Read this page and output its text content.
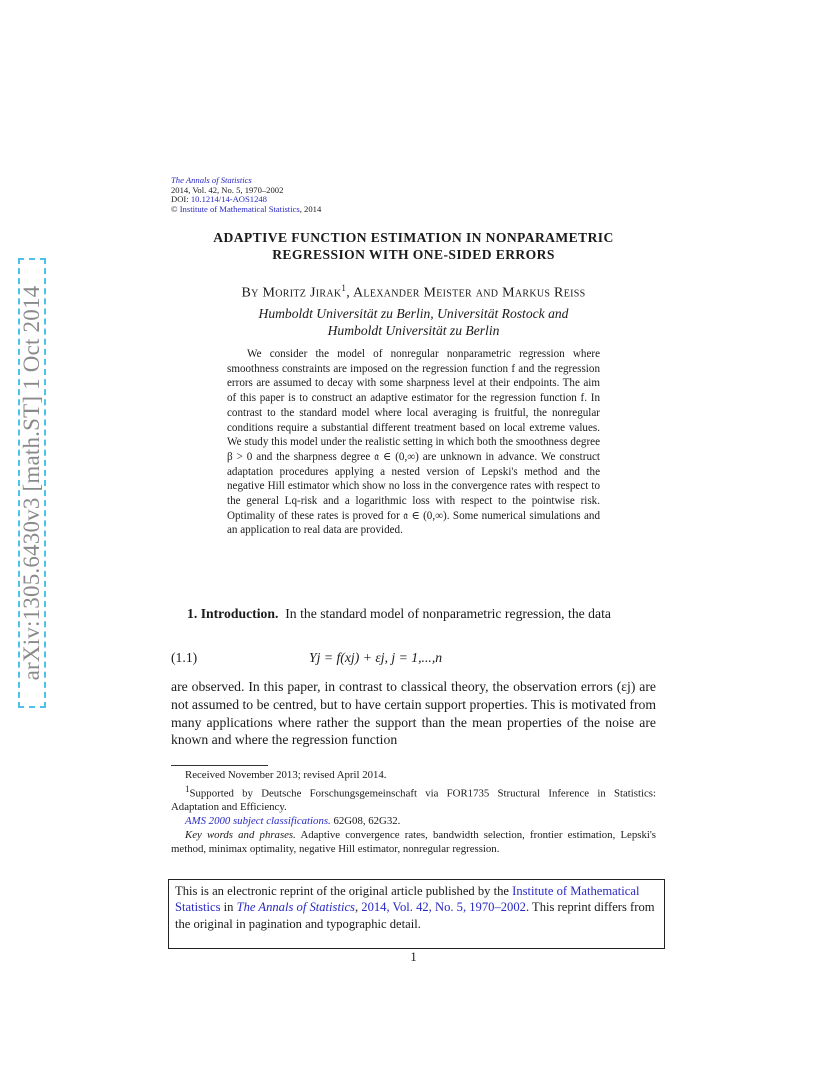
arXiv:1305.6430v3 [math.ST] 1 Oct 2014
The Annals of Statistics
2014, Vol. 42, No. 5, 1970–2002
DOI: 10.1214/14-AOS1248
© Institute of Mathematical Statistics, 2014
ADAPTIVE FUNCTION ESTIMATION IN NONPARAMETRIC
REGRESSION WITH ONE-SIDED ERRORS
By Moritz Jirak$^1$, Alexander Meister and Markus Reiss
Humboldt Universität zu Berlin, Universität Rostock and
Humboldt Universität zu Berlin
We consider the model of nonregular nonparametric regression where smoothness constraints are imposed on the regression function f and the regression errors are assumed to decay with some sharpness level at their endpoints. The aim of this paper is to construct an adaptive estimator for the regression function f. In contrast to the standard model where local averaging is fruitful, the nonregular conditions require a substantial different treatment based on local extreme values. We study this model under the realistic setting in which both the smoothness degree β > 0 and the sharpness degree 𝔞 ∈ (0,∞) are unknown in advance. We construct adaptation procedures applying a nested version of Lepski's method and the negative Hill estimator which show no loss in the convergence rates with respect to the general Lq-risk and a logarithmic loss with respect to the pointwise risk. Optimality of these rates is proved for 𝔞 ∈ (0,∞). Some numerical simulations and an application to real data are provided.
1. Introduction. In the standard model of nonparametric regression, the data
(1.1)	Yj = f(xj) + εj, j = 1,...,n
are observed. In this paper, in contrast to classical theory, the observation errors (εj) are not assumed to be centred, but to have certain support properties. This is motivated from many applications where rather the support than the mean properties of the noise are known and where the regression function

Received November 2013; revised April 2014.

$^1$Supported by Deutsche Forschungsgemeinschaft via FOR1735 Structural Inference in Statistics: Adaptation and Efficiency.

AMS 2000 subject classifications. 62G08, 62G32.

Key words and phrases. Adaptive convergence rates, bandwidth selection, frontier estimation, Lepski's method, minimax optimality, negative Hill estimator, nonregular regression.

This is an electronic reprint of the original article published by the Institute of Mathematical Statistics in The Annals of Statistics, 2014, Vol. 42, No. 5, 1970–2002. This reprint differs from the original in pagination and typographic detail.
1
